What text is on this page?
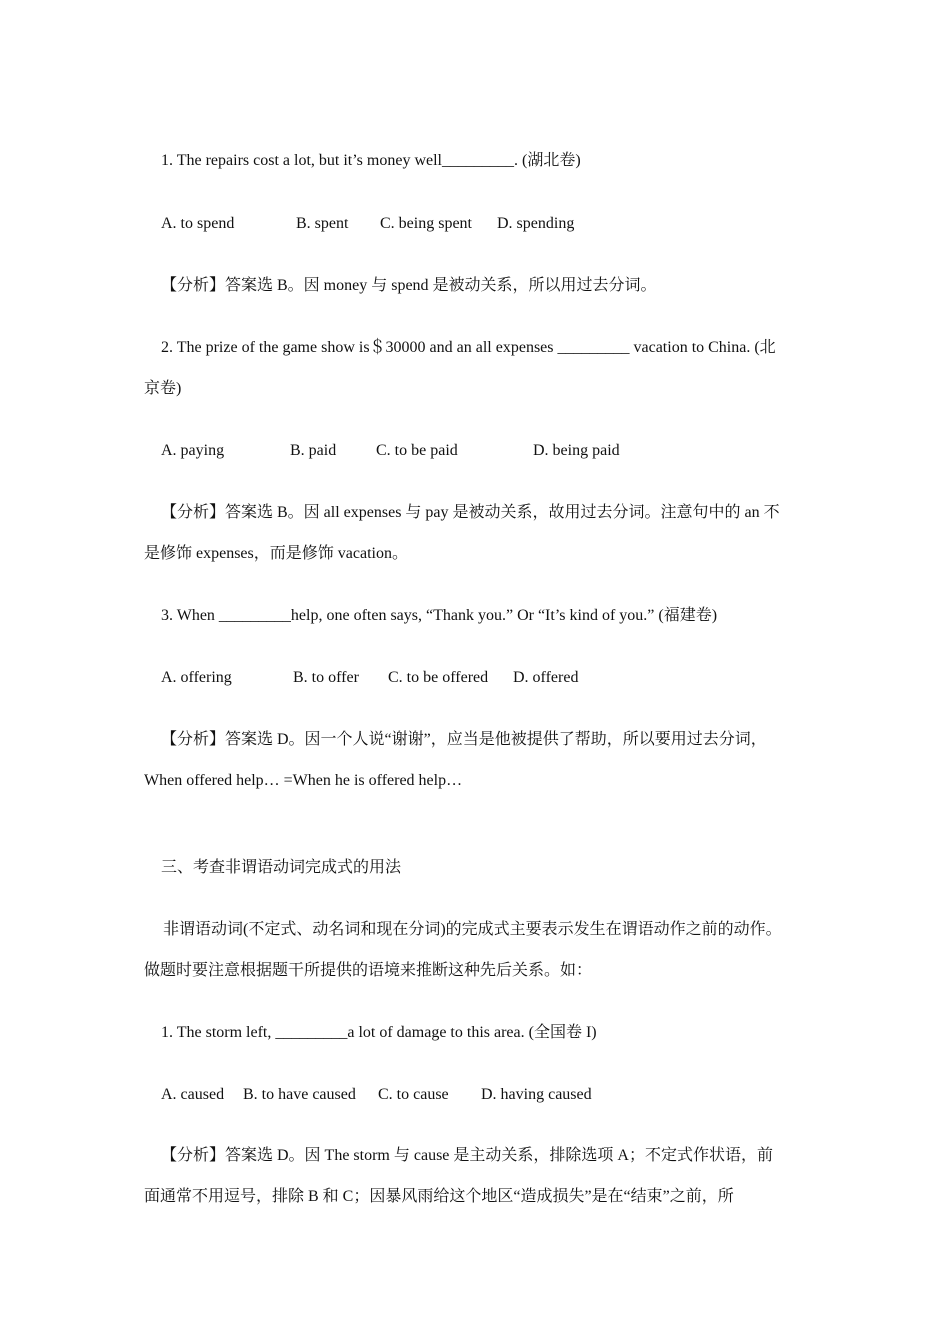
1. The repairs cost a lot, but it’s money well_________. (湖北卷)
A. to spend	B. spent C. being spent D. spending
【分析】答案选 B。因 money 与 spend 是被动关系，所以用过去分词。
2. The prize of the game show is＄30000 and an all expenses _________ vacation to China. (北
京卷)
A. paying	B. paid C. to be paid	D. being paid
【分析】答案选 B。因 all expenses 与 pay 是被动关系，故用过去分词。注意句中的 an 不
是修饰 expenses，而是修饰 vacation。
3. When _________help, one often says, “Thank you.” Or “It’s kind of you.” (福建卷)
A. offering	B. to offer C. to be offered D. offered
【分析】答案选 D。因一个人说“谢谢”，应当是他被提供了帮助，所以要用过去分词，
When offered help… =When he is offered help…
三、考查非谓语动词完成式的用法
非谓语动词(不定式、动名词和现在分词)的完成式主要表示发生在谓语动作之前的动作。
做题时要注意根据题干所提供的语境来推断这种先后关系。如：
1. The storm left, _________a lot of damage to this area. (全国卷 I)
A. caused B. to have caused C. to cause D. having caused
【分析】答案选 D。因 The storm 与 cause 是主动关系，排除选项 A；不定式作状语，前
面通常不用逗号，排除 B 和 C；因暴风雨给这个地区“造成损失”是在“结束”之前，所
